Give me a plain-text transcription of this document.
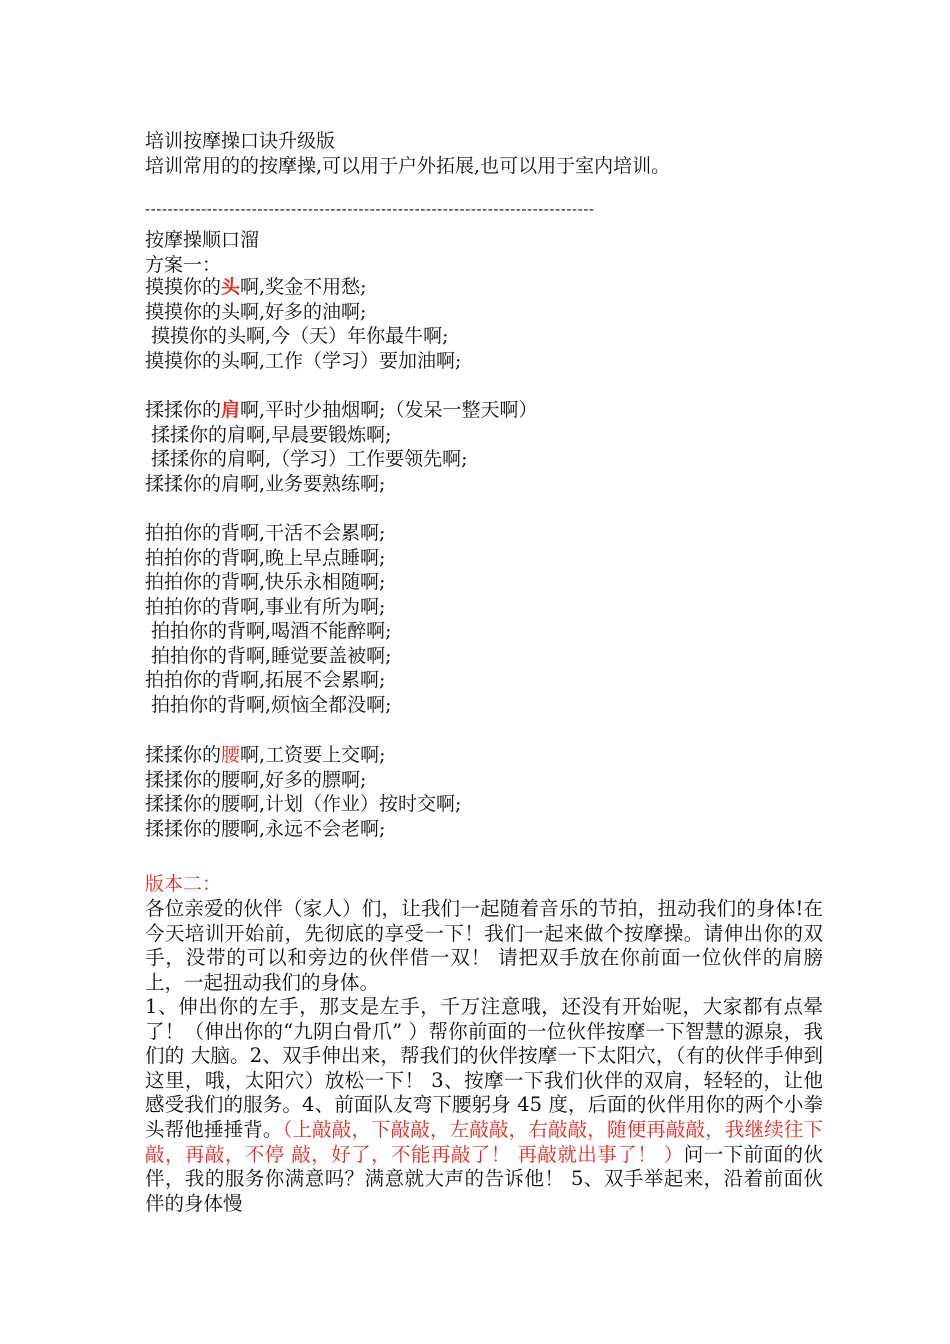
培训按摩操口诀升级版
培训常用的的按摩操,可以用于户外拓展,也可以用于室内培训。
--------------------------------------------------------------------------------
按摩操顺口溜
方案一：
摸摸你的头啊,奖金不用愁;
摸摸你的头啊,好多的油啊;
摸摸你的头啊,今（天）年你最牛啊;
摸摸你的头啊,工作（学习）要加油啊;
揉揉你的肩啊,平时少抽烟啊;（发呆一整天啊）
揉揉你的肩啊,早晨要锻炼啊;
揉揉你的肩啊,（学习）工作要领先啊;
揉揉你的肩啊,业务要熟练啊;
拍拍你的背啊,干活不会累啊;
拍拍你的背啊,晚上早点睡啊;
拍拍你的背啊,快乐永相随啊;
拍拍你的背啊,事业有所为啊;
拍拍你的背啊,喝酒不能醉啊;
拍拍你的背啊,睡觉要盖被啊;
拍拍你的背啊,拓展不会累啊;
拍拍你的背啊,烦恼全都没啊;
揉揉你的腰啊,工资要上交啊;
揉揉你的腰啊,好多的膘啊;
揉揉你的腰啊,计划（作业）按时交啊;
揉揉你的腰啊,永远不会老啊;
版本二：
各位亲爱的伙伴（家人）们，让我们一起随着音乐的节拍，扭动我们的身体!在 今天培训开始前，先彻底的享受一下！我们一起来做个按摩操。请伸出你的双手，没带的可以和旁边的伙伴借一双！ 请把双手放在你前面一位伙伴的肩膀上，一起扭动我们的身体。
1、伸出你的左手，那支是左手，千万注意哦，还没有开始呢，大家都有点晕了！（伸出你的“九阴白骨爪” ）帮你前面的一位伙伴按摩一下智慧的源泉，我们的 大脑。2、双手伸出来，帮我们的伙伴按摩一下太阳穴，（有的伙伴手伸到这里，哦，太阳穴）放松一下！ 3、按摩一下我们伙伴的双肩，轻轻的，让他感受我们的服务。4、前面队友弯下腰躬身 45 度，后面的伙伴用你的两个小拳头帮他捶捶背。（上敲敲，下敲敲，左敲敲，右敲敲，随便再敲敲，我继续往下敲，再敲，不停 敲，好了，不能再敲了！ 再敲就出事了！ ）问一下前面的伙伴，我的服务你满意吗？满意就大声的告诉他！ 5、双手举起来，沿着前面伙伴的身体慢
